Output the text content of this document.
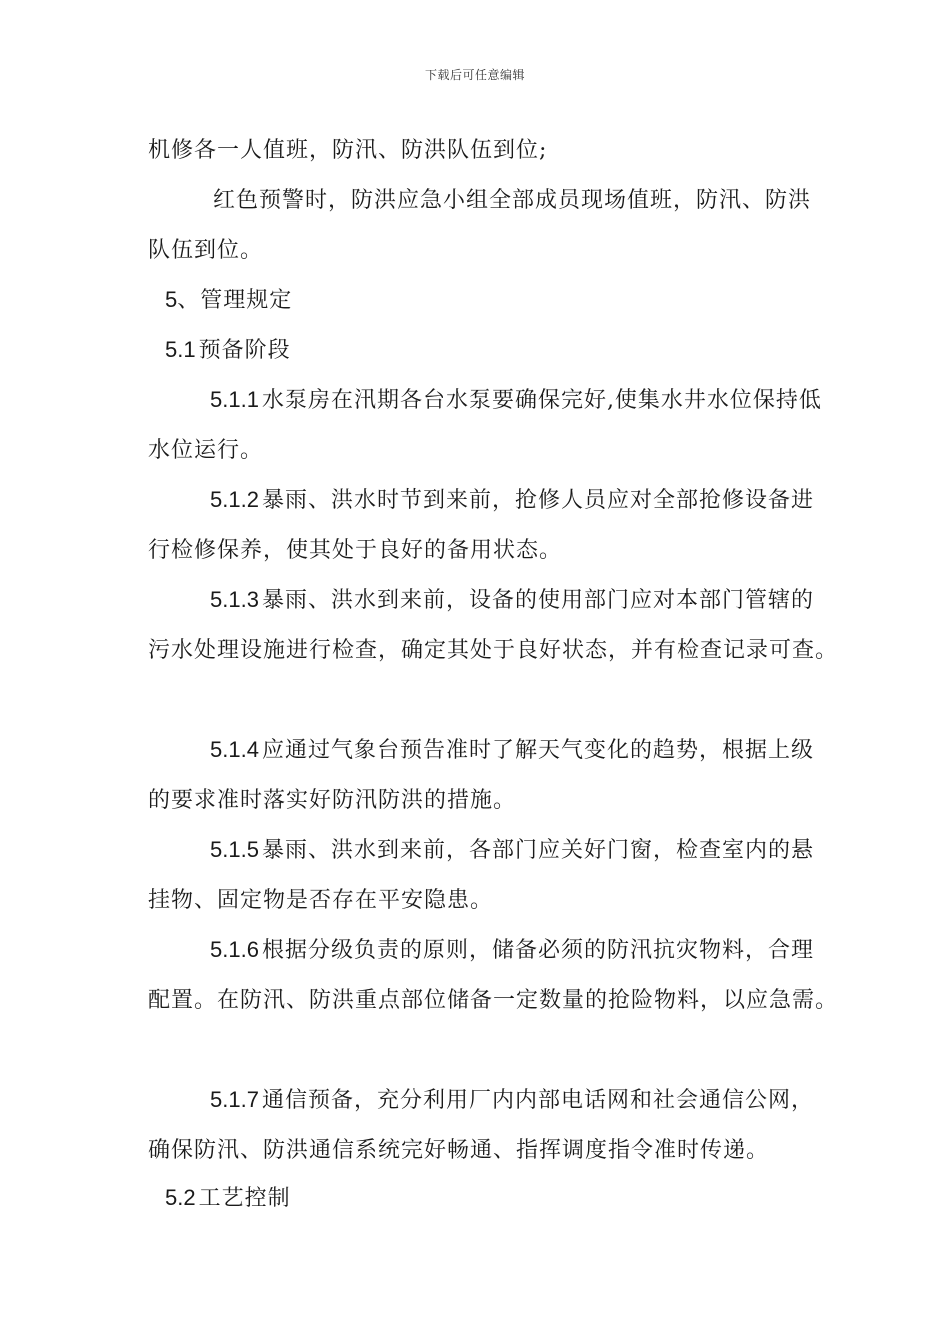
下载后可任意编辑
机修各一人值班，防汛、防洪队伍到位;
红色预警时，防洪应急小组全部成员现场值班，防汛、防洪
队伍到位。
5、管理规定
5.1 预备阶段
5.1.1 水泵房在汛期各台水泵要确保完好,使集水井水位保持低
水位运行。
5.1.2 暴雨、洪水时节到来前，抢修人员应对全部抢修设备进
行检修保养，使其处于良好的备用状态。
5.1.3 暴雨、洪水到来前，设备的使用部门应对本部门管辖的
污水处理设施进行检查，确定其处于良好状态，并有检查记录可查。
5.1.4 应通过气象台预告准时了解天气变化的趋势，根据上级
的要求准时落实好防汛防洪的措施。
5.1.5 暴雨、洪水到来前，各部门应关好门窗，检查室内的悬
挂物、固定物是否存在平安隐患。
5.1.6 根据分级负责的原则，储备必须的防汛抗灾物料，合理
配置。在防汛、防洪重点部位储备一定数量的抢险物料，以应急需。
5.1.7 通信预备，充分利用厂内内部电话网和社会通信公网，
确保防汛、防洪通信系统完好畅通、指挥调度指令准时传递。
5.2 工艺控制
